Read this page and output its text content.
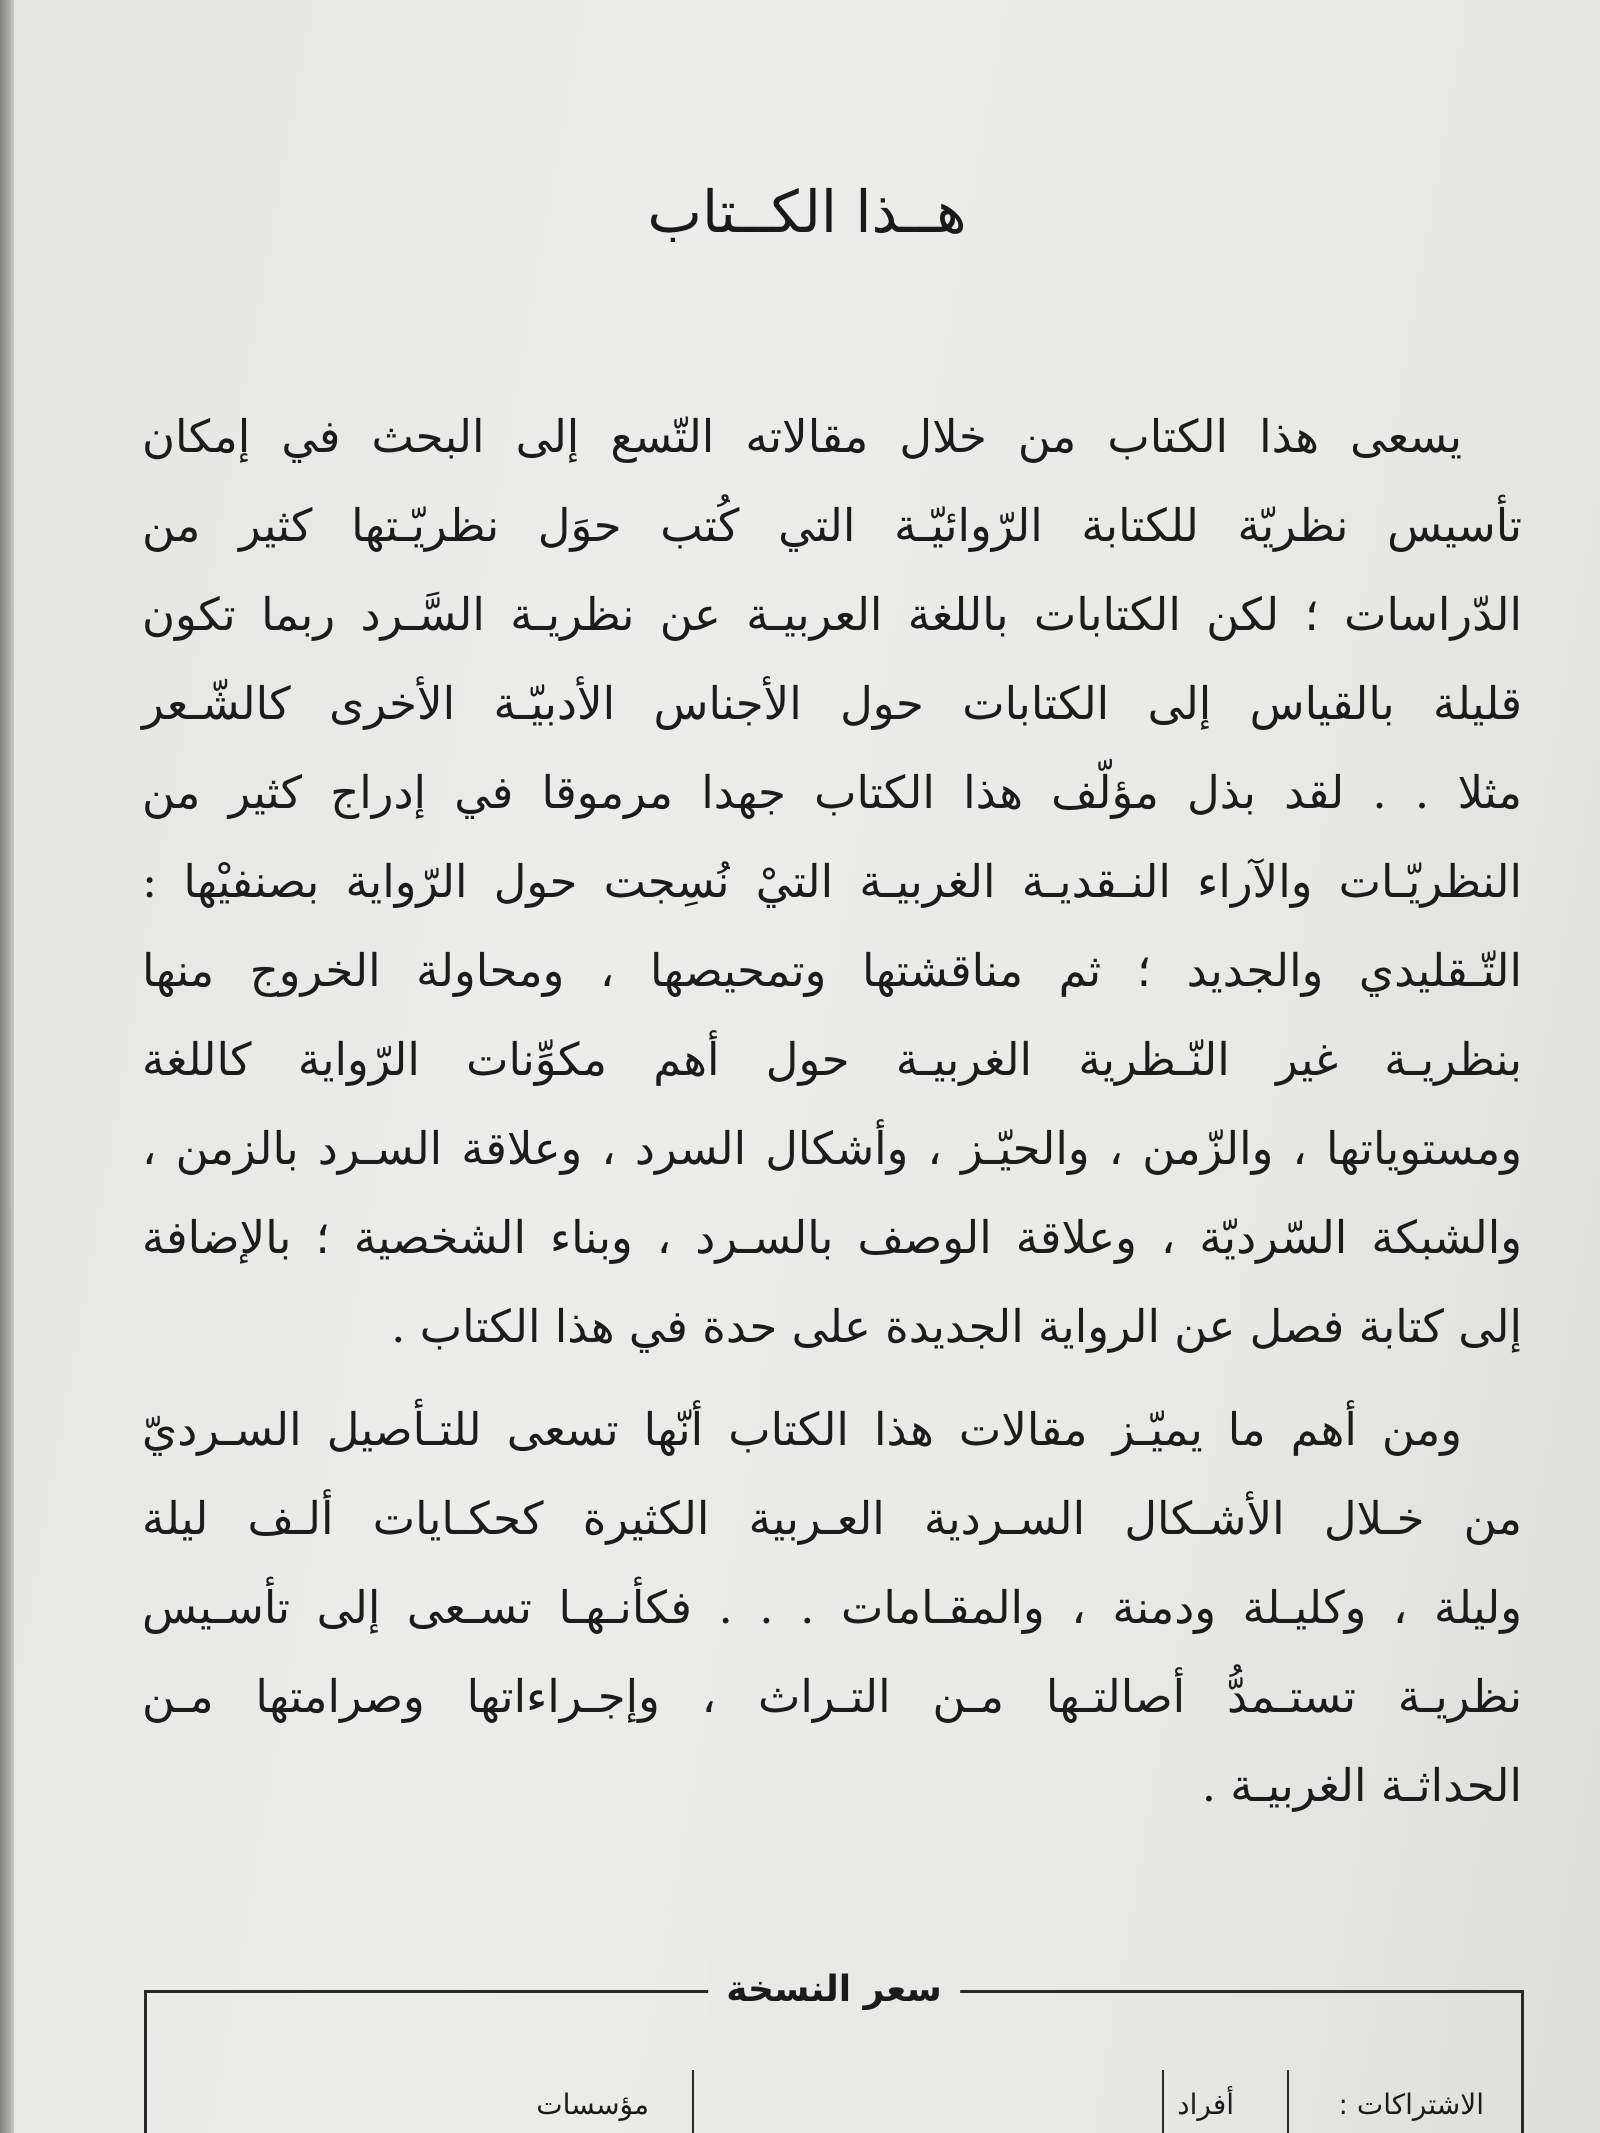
هــذا الكــتاب

يسعى هذا الكتاب من خلال مقالاته التّسع إلى البحث في إمكان
تأسيس نظريّة للكتابة الرّوائيّـة التي كُتب حوَل نظريّـتها كثير من
الدّراسات ؛ لكن الكتابات باللغة العربيـة عن نظريـة السَّـرد ربما تكون
قليلة بالقياس إلى الكتابات حول الأجناس الأدبيّـة الأخرى كالشّـعر
مثلا . . لقد بذل مؤلّف هذا الكتاب جهدا مرموقا في إدراج كثير من
النظريّـات والآراء النـقديـة الغربيـة التيْ نُسِجت حول الرّواية بصنفيْها :
التّـقليدي والجديد ؛ ثم مناقشتها وتمحيصها ، ومحاولة الخروج منها
بنظريـة غير النّـظرية الغربيـة حول أهم مكوِّنات الرّواية كاللغة
ومستوياتها ، والزّمن ، والحيّـز ، وأشكال السرد ، وعلاقة السـرد بالزمن ،
والشبكة السّرديّة ، وعلاقة الوصف بالسـرد ، وبناء الشخصية ؛ بالإضافة
إلى كتابة فصل عن الرواية الجديدة على حدة في هذا الكتاب .

ومن أهم ما يميّـز مقالات هذا الكتاب أنّها تسعى للتـأصيل السـرديّ
من خـلال الأشـكال السـردية العـربية الكثيرة كحكـايات ألـف ليلة
وليلة ، وكليـلة ودمنة ، والمقـامات . . . فكأنـهـا تسـعى إلى تأسـيس
نظريـة تستـمدُّ أصالتـها مـن التـراث ، وإجـراءاتها وصرامتها مـن
الحداثـة الغربيـة .

سعر النسخة
الاشتراكات :
أفراد
مؤسسات
